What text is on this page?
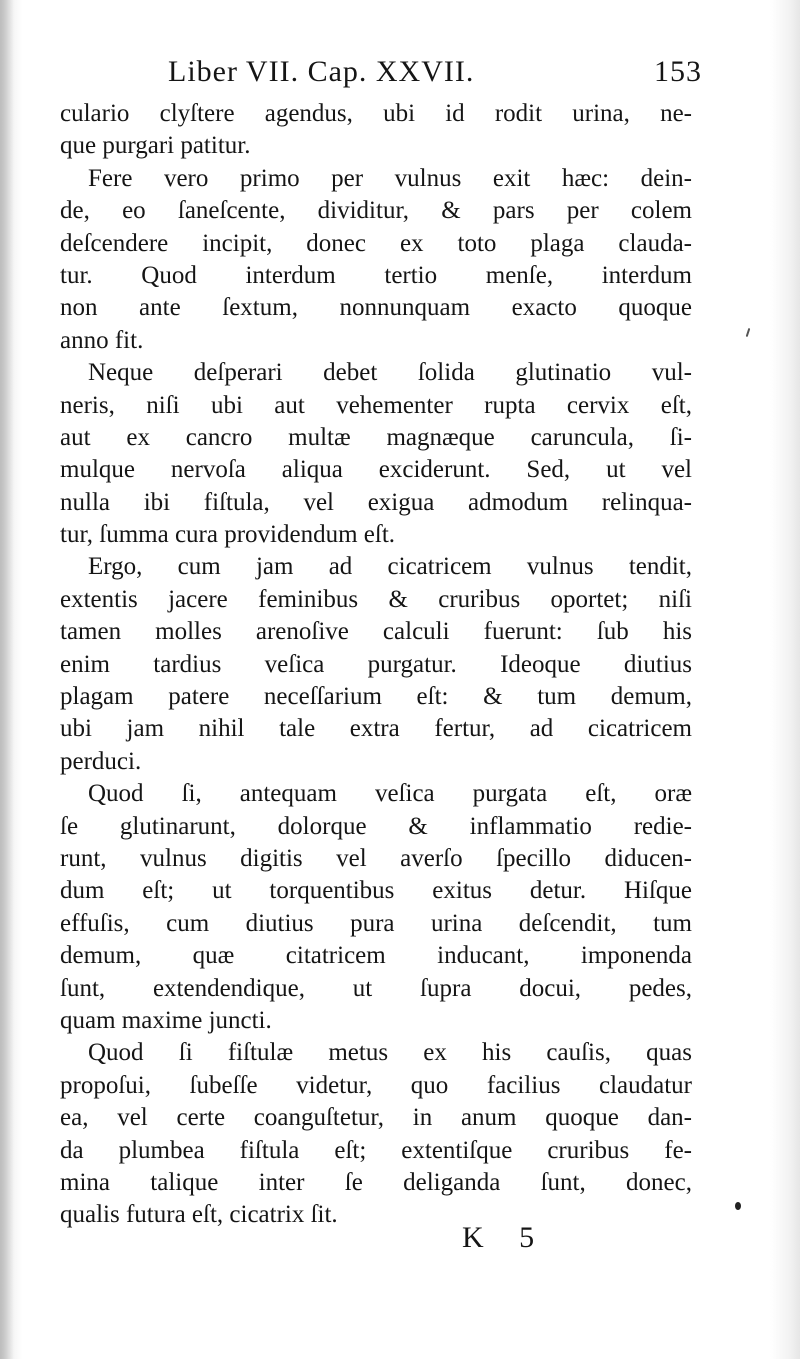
Liber VII. Cap. XXVII.	153
culario clyſtere agendus, ubi id rodit urina, ne-
que purgari patitur.
Fere vero primo per vulnus exit hæc: dein-
de, eo ſaneſcente, dividitur, & pars per colem
deſcendere incipit, donec ex toto plaga clauda-
tur. Quod interdum tertio menſe, interdum
non ante ſextum, nonnunquam exacto quoque
anno fit.
Neque deſperari debet ſolida glutinatio vul-
neris, niſi ubi aut vehementer rupta cervix eſt,
aut ex cancro multæ magnæque caruncula, ſi-
mulque nervoſa aliqua exciderunt. Sed, ut vel
nulla ibi fiſtula, vel exigua admodum relinqua-
tur, ſumma cura providendum eſt.
Ergo, cum jam ad cicatricem vulnus tendit,
extentis jacere feminibus & cruribus oportet; niſi
tamen molles arenoſive calculi fuerunt: ſub his
enim tardius veſica purgatur. Ideoque diutius
plagam patere neceſſarium eſt: & tum demum,
ubi jam nihil tale extra fertur, ad cicatricem
perduci.
Quod ſi, antequam veſica purgata eſt, oræ
ſe glutinarunt, dolorque & inflammatio redie-
runt, vulnus digitis vel averſo ſpecillo diducen-
dum eſt; ut torquentibus exitus detur. Hiſque
effuſis, cum diutius pura urina deſcendit, tum
demum, quæ citatricem inducant, imponenda
ſunt, extendendique, ut ſupra docui, pedes,
quam maxime juncti.
Quod ſi fiſtulæ metus ex his cauſis, quas
propoſui, ſubeſſe videtur, quo facilius claudatur
ea, vel certe coanguſtetur, in anum quoque dan-
da plumbea fiſtula eſt; extentiſque cruribus fe-
mina talique inter ſe deliganda ſunt, donec,
qualis futura eſt, cicatrix ſit.
K 5
